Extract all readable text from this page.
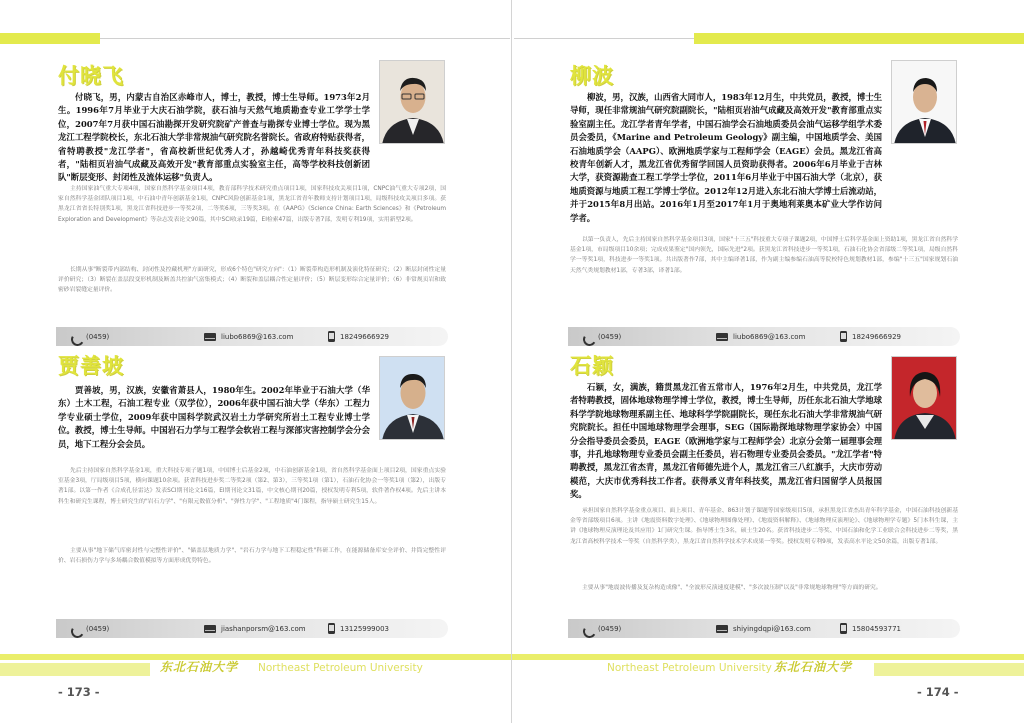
付晓飞
付晓飞，男，内蒙古自治区赤峰市人，博士，教授，博士生导师。1973年2月生。1996年7月毕业于大庆石油学院，获石油与天然气地质勘查专业工学学士学位，2007年7月获中国石油勘探开发研究院矿产普查与勘探专业博士学位。现为黑龙江工程学院校长，东北石油大学非常规油气研究院名誉院长。省政府特贴获得者，省特聘教授"龙江学者"，省高校新世纪优秀人才，孙越崎优秀青年科技奖获得者，"陆相页岩油气成藏及高效开发"教育部重点实验室主任，高等学校科技创新团队"断层变形、封闭性及流体运移"负责人。
主持国家油气重大专项4项，国家自然科学基金项目4项，教育部科学技术研究重点项目1项，国家科技攻关项目1项，CNPC油气重大专项2项，国家自然科学基金团队项目1项，中石油中青年创新基金1项，CNPC风险创新基金1项，黑龙江省青年教师支持计划项目1项，局级科技攻关项目多项。获黑龙江省省长特别奖1项，黑龙江省科技进步一等奖2项，二等奖6项，三等奖3项。在《AAPG》《Science China: Earth Sciences》和《Petroleum Exploration and Development》等杂志发表论文90篇，其中SCI收录19篇，EI检索47篇，出版专著7部，发明专利19项，实用新型2项。
长期从事"断裂带内部结构、封闭性及控藏机理"方面研究，形成6个特色"研究方向"：（1）断裂带构造形机制及演化特征研究；（2）断层封闭性定量评价研究；（3）断裂在盖层段变形机制及断盖共控油气富集模式；（4）断裂和盖层耦合性定量评价；（5）断层变形综合定量评价；（6）非常规页岩和致密砂岩裂缝定量评价。
(0459)	liubo6869@163.com	18249666929
贾善坡
贾善坡，男，汉族，安徽省萧县人，1980年生。2002年毕业于石油大学（华东）土木工程，石油工程专业（双学位），2006年获中国石油大学（华东）工程力学专业硕士学位，2009年获中国科学院武汉岩土力学研究所岩土工程专业博士学位。教授，博士生导师。中国岩石力学与工程学会软岩工程与深部灾害控制学会分会员，地下工程分会会员。
先后主持国家自然科学基金1项，重大科技专项子题1项，中国博士后基金2项，中石油创新基金1项，省自然科学基金面上项目2项，国家重点实验室基金3项，厅局级项目5项，横向课题10余项。获省科技进步奖二等奖2项（第2、第3），三等奖1项（第1），石油石化协会一等奖1项（第2），出版专著1部。以第一作者《合成孔径雷达》发表SCI期刊论文16篇，EI期刊论文31篇，中文核心期刊20篇，授权发明专利5项，软件著作权4项。先后主讲本科生和研究生课程，博士研究生的"岩石力学"、"有限元数值分析"、"弹性力学"、"工程地质"4门课程，指导硕士研究生15人。
主要从事"地下储气库密封性与完整性评价"、"储盖层地质力学"、"岩石力学与地下工程稳定性"科研工作，在能源储备库安全评价、井筒完整性评价、岩石损伤力学与多场耦合数值模拟等方面形成优势特色。
(0459)	jiashanporsm@163.com	13125999003
东北石油大学 Northeast Petroleum University
- 173 -
柳波
柳波，男，汉族，山西省大同市人，1983年12月生，中共党员，教授，博士生导师，现任非常规油气研究院副院长，"陆相页岩油气成藏及高效开发"教育部重点实验室副主任。龙江学者青年学者，中国石油学会石油地质委员会油气运移学组学术委员会委员，《Marine and Petroleum Geology》副主编，中国地质学会、美国石油地质学会（AAPG）、欧洲地质学家与工程师学会（EAGE）会员。黑龙江省高校青年创新人才，黑龙江省优秀留学回国人员资助获得者。2006年6月毕业于吉林大学，获资源勘查工程工学学士学位，2011年6月毕业于中国石油大学（北京），获地质资源与地质工程工学博士学位。2012年12月进入东北石油大学博士后流动站，并于2015年8月出站。2016年1月至2017年1月于奥地利莱奥本矿业大学作访问学者。
以第一负责人，先后主持国家自然科学基金项目3项，国家"十三五"科技重大专项子课题2项，中国博士后科学基金面上资助1项，黑龙江省自然科学基金1项，市局级项目10余项；完成成果鉴定"国内领先，国际先进"2项。获黑龙江省科技进步一等奖1项，石油石化协会省部级二等奖1项，局级自然科学一等奖1项，科技进步一等奖1项。共出版著作7部，其中主编译著1部，作为副主编参编石油高等院校特色规划教材1部，参编"十三五"国家规划石油天然气类规划教材1部，专著3部，译著1部。
(0459)	liubo6869@163.com	18249666929
石颖
石颖，女，满族，籍贯黑龙江省五常市人，1976年2月生，中共党员，龙江学者特聘教授，固体地球物理学博士学位，教授，博士生导师，历任东北石油大学地球科学学院地球物理系副主任、地球科学学院副院长，现任东北石油大学非常规油气研究院院长。担任中国地球物理学会理事，SEG（国际勘探地球物理学家协会）中国分会指导委员会委员，EAGE（欧洲地学家与工程师学会）北京分会第一届理事会理事，井孔地球物理专业委员会副主任委员，岩石物理专业委员会委员。"龙江学者"特聘教授，黑龙江省杰青，黑龙江省师德先进个人，黑龙江省三八红旗手，大庆市劳动模范，大庆市优秀科技工作者。获得承义青年科技奖，黑龙江省归国留学人员报国奖。
承担国家自然科学基金重点项目、面上项目、青年基金、863计划子课题等国家级项目5项，承担黑龙江省杰出青年科学基金，中国石油科技创新基金等省部级项目6项。主讲《地震资料数字处理》、《地球物理图像处理》、《地震资料解释》、《地球物理反演理论》、《地球物理学专题》5门本科生课，主讲《地球物理反演理论及其应用》1门研究生课。指导博士生3名，硕士生20名。获省科技进步二等奖、中国石油和化学工业联合会科技进步二等奖，黑龙江省高校科学技术一等奖（自然科学类），黑龙江省自然科学技术学术成果一等奖。授权发明专利9项，发表高水平论文50余篇，出版专著1部。
主要从事"地震波传播及复杂构造成像"、"全波形反演速度建模"、"多次波压制"以及"非常规地球物理"等方面的研究。
(0459)	shiyingdqpi@163.com	15804593771
Northeast Petroleum University 东北石油大学
- 174 -
